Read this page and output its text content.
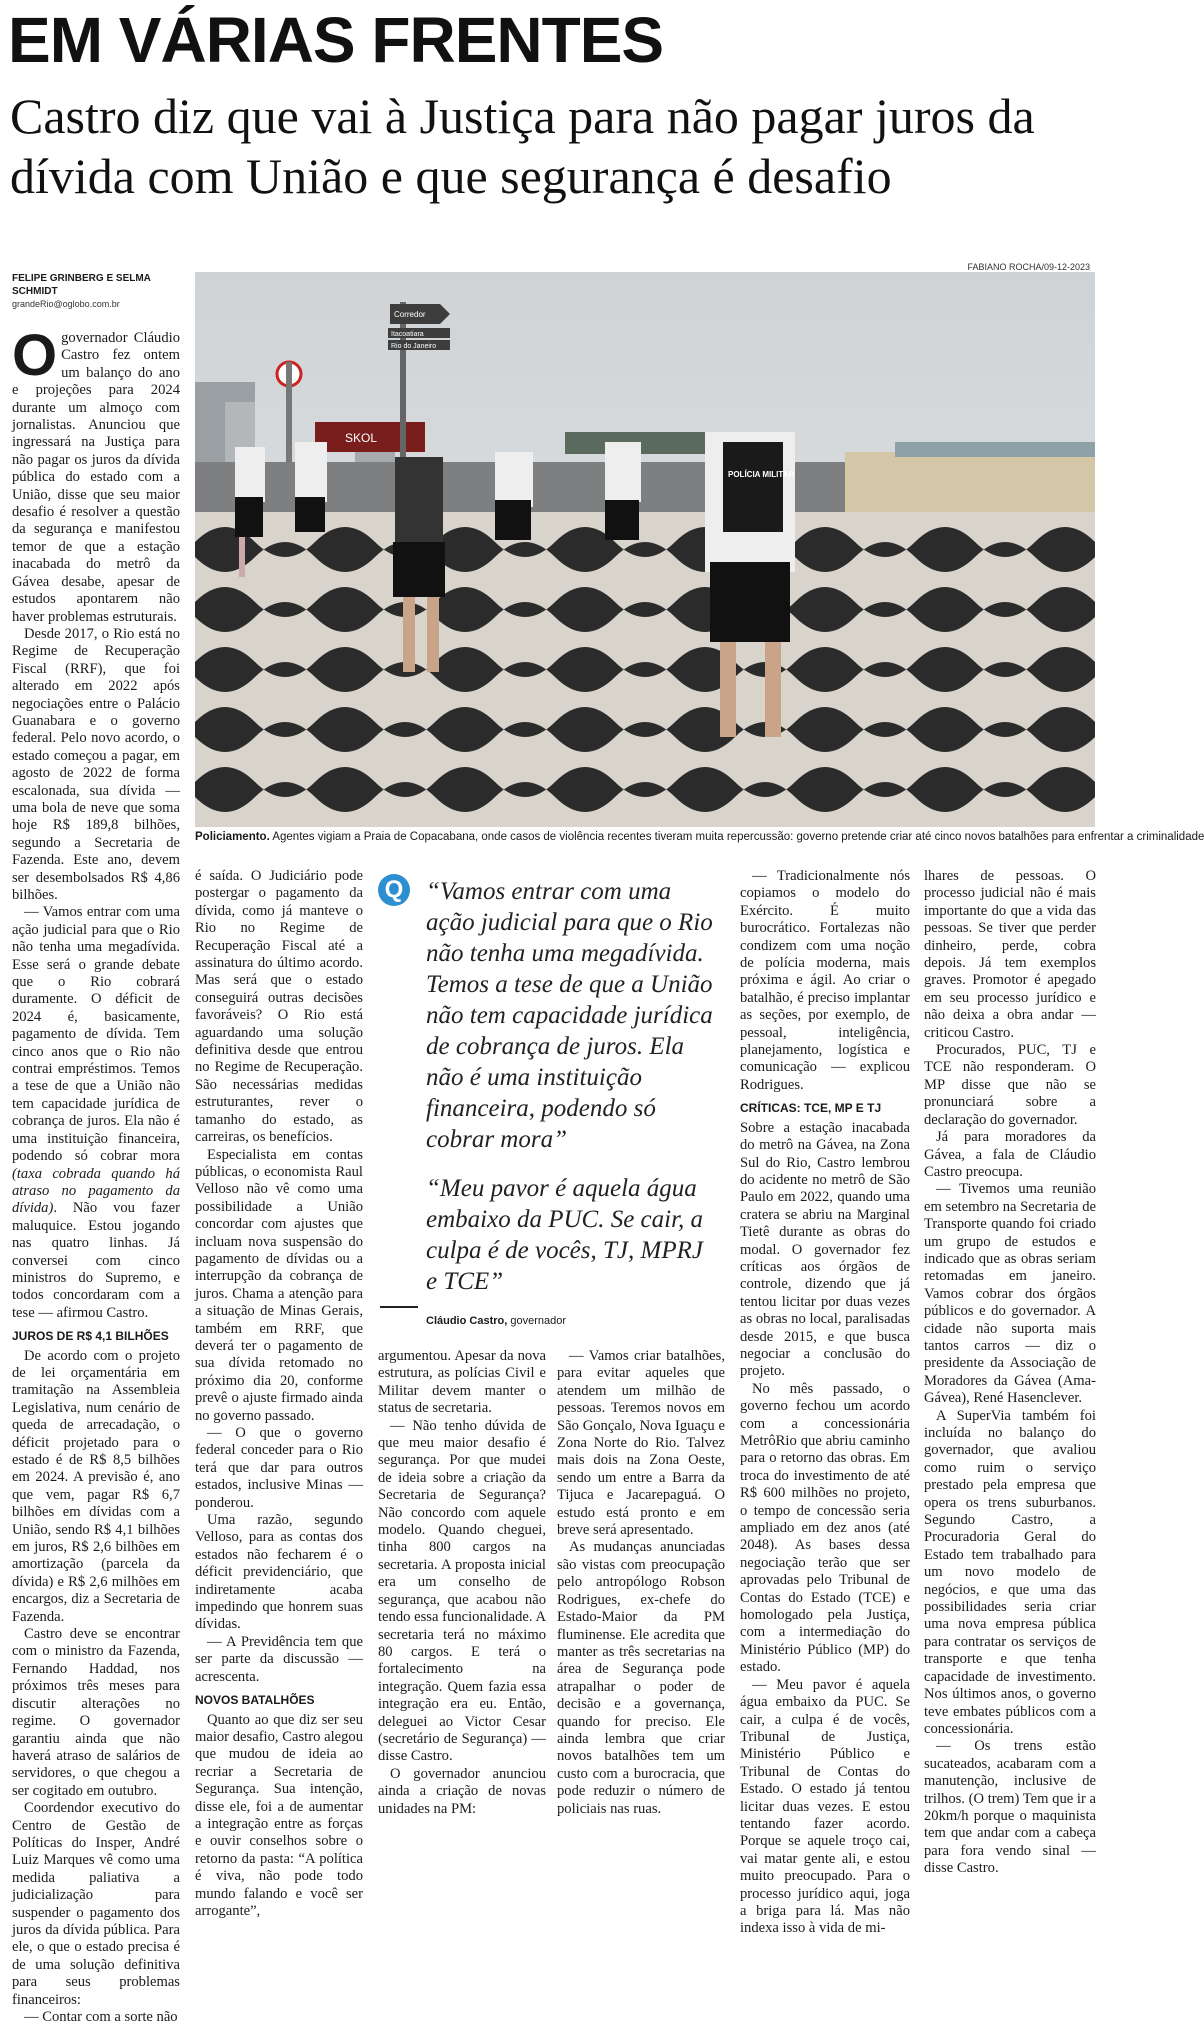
EM VÁRIAS FRENTES
Castro diz que vai à Justiça para não pagar juros da dívida com União e que segurança é desafio
FELIPE GRINBERG E SELMA SCHMIDT
grandeRio@oglobo.com.br
FABIANO ROCHA/09-12-2023
SKOL
Corredor
Itacoatiara
Rio do Janeiro
POLÍCIA MILITAR
Policiamento. Agentes vigiam a Praia de Copacabana, onde casos de violência recentes tiveram muita repercussão: governo pretende criar até cinco novos batalhões para enfrentar a criminalidade

Ogovernador Cláudio Castro fez ontem um balanço do ano e projeções para 2024 durante um almoço com jornalistas. Anunciou que ingressará na Justiça para não pagar os juros da dívida pública do estado com a União, disse que seu maior desafio é resolver a questão da segurança e manifestou temor de que a estação inacabada do metrô da Gávea desabe, apesar de estudos apontarem não haver problemas estruturais.

Desde 2017, o Rio está no Regime de Recuperação Fiscal (RRF), que foi alterado em 2022 após negociações entre o Palácio Guanabara e o governo federal. Pelo novo acordo, o estado começou a pagar, em agosto de 2022 de forma escalonada, sua dívida — uma bola de neve que soma hoje R$ 189,8 bilhões, segundo a Secretaria de Fazenda. Este ano, devem ser desembolsados R$ 4,86 bilhões.

— Vamos entrar com uma ação judicial para que o Rio não tenha uma megadívida. Esse será o grande debate que o Rio cobrará duramente. O déficit de 2024 é, basicamente, pagamento de dívida. Tem cinco anos que o Rio não contrai empréstimos. Temos a tese de que a União não tem capacidade jurídica de cobrança de juros. Ela não é uma instituição financeira, podendo só cobrar mora (taxa cobrada quando há atraso no pagamento da dívida). Não vou fazer maluquice. Estou jogando nas quatro linhas. Já conversei com cinco ministros do Supremo, e todos concordaram com a tese — afirmou Castro.

JUROS DE R$ 4,1 BILHÕES

De acordo com o projeto de lei orçamentária em tramitação na Assembleia Legislativa, num cenário de queda de arrecadação, o déficit projetado para o estado é de R$ 8,5 bilhões em 2024. A previsão é, ano que vem, pagar R$ 6,7 bilhões em dívidas com a União, sendo R$ 4,1 bilhões em juros, R$ 2,6 bilhões em amortização (parcela da dívida) e R$ 2,6 milhões em encargos, diz a Secretaria de Fazenda.

Castro deve se encontrar com o ministro da Fazenda, Fernando Haddad, nos próximos três meses para discutir alterações no regime. O governador garantiu ainda que não haverá atraso de salários de servidores, o que chegou a ser cogitado em outubro.

Coordendor executivo do Centro de Gestão de Políticas do Insper, André Luiz Marques vê como uma medida paliativa a judicialização para suspender o pagamento dos juros da dívida pública. Para ele, o que o estado precisa é de uma solução definitiva para seus problemas financeiros:

— Contar com a sorte não

é saída. O Judiciário pode postergar o pagamento da dívida, como já manteve o Rio no Regime de Recuperação Fiscal até a assinatura do último acordo. Mas será que o estado conseguirá outras decisões favoráveis? O Rio está aguardando uma solução definitiva desde que entrou no Regime de Recuperação. São necessárias medidas estruturantes, rever o tamanho do estado, as carreiras, os benefícios.

Especialista em contas públicas, o economista Raul Velloso não vê como uma possibilidade a União concordar com ajustes que incluam nova suspensão do pagamento de dívidas ou a interrupção da cobrança de juros. Chama a atenção para a situação de Minas Gerais, também em RRF, que deverá ter o pagamento de sua dívida retomado no próximo dia 20, conforme prevê o ajuste firmado ainda no governo passado.

— O que o governo federal conceder para o Rio terá que dar para outros estados, inclusive Minas — ponderou.

Uma razão, segundo Velloso, para as contas dos estados não fecharem é o déficit previdenciário, que indiretamente acaba impedindo que honrem suas dívidas.

— A Previdência tem que ser parte da discussão — acrescenta.

NOVOS BATALHÕES

Quanto ao que diz ser seu maior desafio, Castro alegou que mudou de ideia ao recriar a Secretaria de Segurança. Sua intenção, disse ele, foi a de aumentar a integração entre as forças e ouvir conselhos sobre o retorno da pasta: “A política é viva, não pode todo mundo falando e você ser arrogante”,

Q “Vamos entrar com uma ação judicial para que o Rio não tenha uma megadívida. Temos a tese de que a União não tem capacidade jurídica de cobrança de juros. Ela não é uma instituição financeira, podendo só cobrar mora”
“Meu pavor é aquela água embaixo da PUC. Se cair, a culpa é de vocês, TJ, MPRJ e TCE”
Cláudio Castro, governador

argumentou. Apesar da nova estrutura, as polícias Civil e Militar devem manter o status de secretaria.

— Não tenho dúvida de que meu maior desafio é segurança. Por que mudei de ideia sobre a criação da Secretaria de Segurança? Não concordo com aquele modelo. Quando cheguei, tinha 800 cargos na secretaria. A proposta inicial era um conselho de segurança, que acabou não tendo essa funcionalidade. A secretaria terá no máximo 80 cargos. E terá o fortalecimento na integração. Quem fazia essa integração era eu. Então, deleguei ao Victor Cesar (secretário de Segurança) — disse Castro.

O governador anunciou ainda a criação de novas unidades na PM:

— Vamos criar batalhões, para evitar aqueles que atendem um milhão de pessoas. Teremos novos em São Gonçalo, Nova Iguaçu e Zona Norte do Rio. Talvez mais dois na Zona Oeste, sendo um entre a Barra da Tijuca e Jacarepaguá. O estudo está pronto e em breve será apresentado.

As mudanças anunciadas são vistas com preocupação pelo antropólogo Robson Rodrigues, ex-chefe do Estado-Maior da PM fluminense. Ele acredita que manter as três secretarias na área de Segurança pode atrapalhar o poder de decisão e a governança, quando for preciso. Ele ainda lembra que criar novos batalhões tem um custo com a burocracia, que pode reduzir o número de policiais nas ruas.

— Tradicionalmente nós copiamos o modelo do Exército. É muito burocrático. Fortalezas não condizem com uma noção de polícia moderna, mais próxima e ágil. Ao criar o batalhão, é preciso implantar as seções, por exemplo, de pessoal, inteligência, planejamento, logística e comunicação — explicou Rodrigues.

CRÍTICAS: TCE, MP E TJ

Sobre a estação inacabada do metrô na Gávea, na Zona Sul do Rio, Castro lembrou do acidente no metrô de São Paulo em 2022, quando uma cratera se abriu na Marginal Tietê durante as obras do modal. O governador fez críticas aos órgãos de controle, dizendo que já tentou licitar por duas vezes as obras no local, paralisadas desde 2015, e que busca negociar a conclusão do projeto.

No mês passado, o governo fechou um acordo com a concessionária MetrôRio que abriu caminho para o retorno das obras. Em troca do investimento de até R$ 600 milhões no projeto, o tempo de concessão seria ampliado em dez anos (até 2048). As bases dessa negociação terão que ser aprovadas pelo Tribunal de Contas do Estado (TCE) e homologado pela Justiça, com a intermediação do Ministério Público (MP) do estado.

— Meu pavor é aquela água embaixo da PUC. Se cair, a culpa é de vocês, Tribunal de Justiça, Ministério Público e Tribunal de Contas do Estado. O estado já tentou licitar duas vezes. E estou tentando fazer acordo. Porque se aquele troço cai, vai matar gente ali, e estou muito preocupado. Para o processo jurídico aqui, joga a briga para lá. Mas não indexa isso à vida de mi-

lhares de pessoas. O processo judicial não é mais importante do que a vida das pessoas. Se tiver que perder dinheiro, perde, cobra depois. Já tem exemplos graves. Promotor é apegado em seu processo jurídico e não deixa a obra andar — criticou Castro.

Procurados, PUC, TJ e TCE não responderam. O MP disse que não se pronunciará sobre a declaração do governador.

Já para moradores da Gávea, a fala de Cláudio Castro preocupa.

— Tivemos uma reunião em setembro na Secretaria de Transporte quando foi criado um grupo de estudos e indicado que as obras seriam retomadas em janeiro. Vamos cobrar dos órgãos públicos e do governador. A cidade não suporta mais tantos carros — diz o presidente da Associação de Moradores da Gávea (Ama-Gávea), René Hasenclever.

A SuperVia também foi incluída no balanço do governador, que avaliou como ruim o serviço prestado pela empresa que opera os trens suburbanos. Segundo Castro, a Procuradoria Geral do Estado tem trabalhado para um novo modelo de negócios, e que uma das possibilidades seria criar uma nova empresa pública para contratar os serviços de transporte e que tenha capacidade de investimento. Nos últimos anos, o governo teve embates públicos com a concessionária.

— Os trens estão sucateados, acabaram com a manutenção, inclusive de trilhos. (O trem) Tem que ir a 20km/h porque o maquinista tem que andar com a cabeça para fora vendo sinal — disse Castro.
